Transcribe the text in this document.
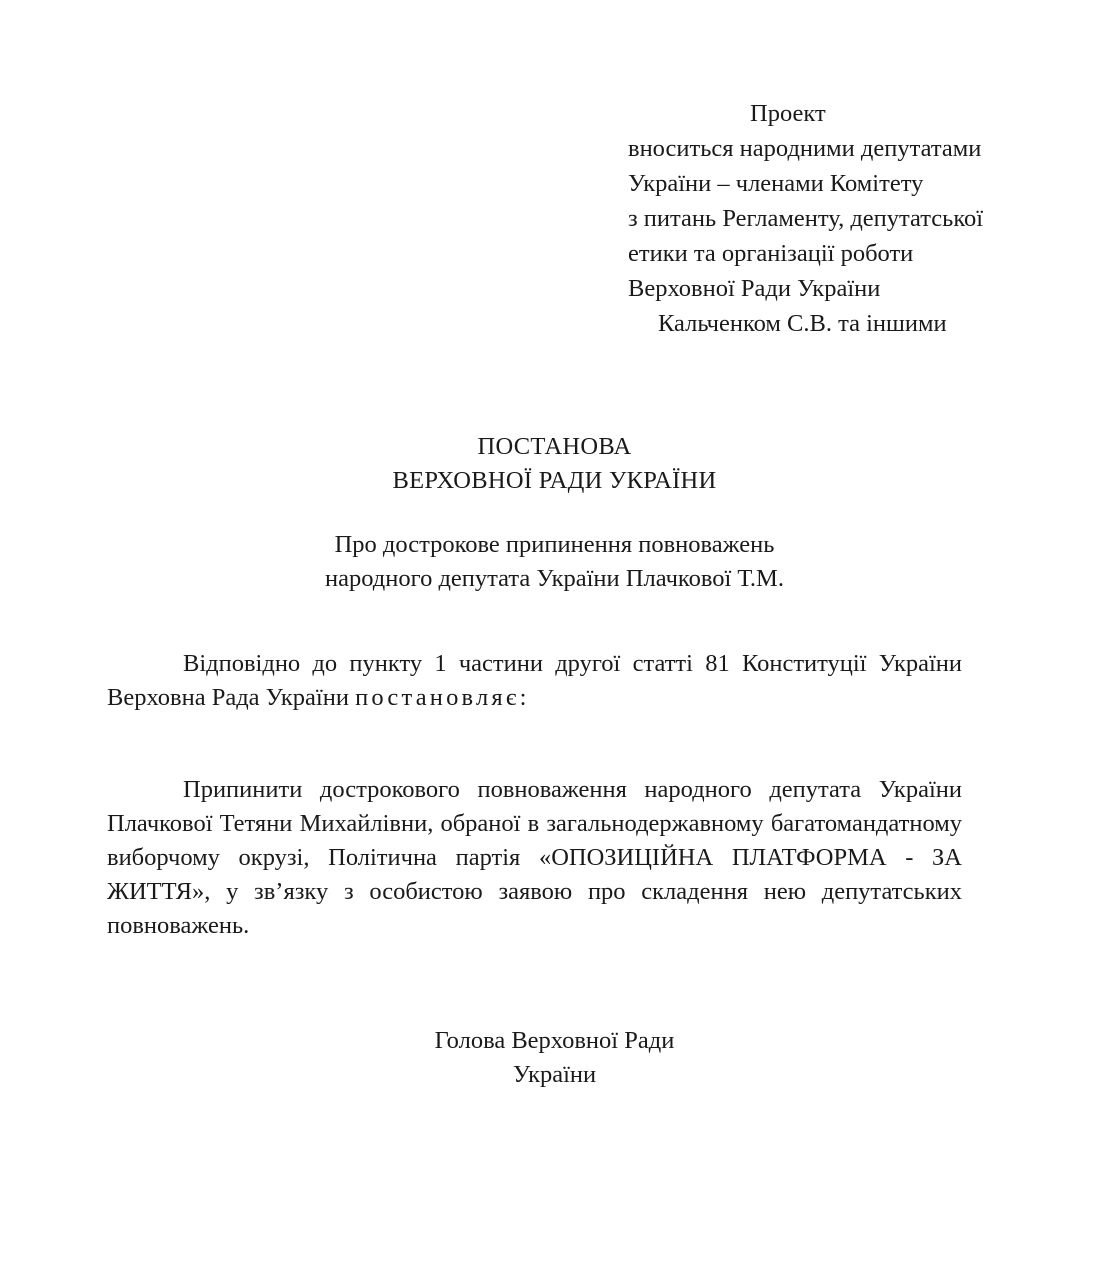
Проект
вноситься народними депутатами
України – членами Комітету
з питань Регламенту, депутатської
етики та організації роботи
Верховної Ради України
Кальченком С.В. та іншими
ПОСТАНОВА
ВЕРХОВНОЇ РАДИ УКРАЇНИ
Про дострокове припинення повноважень
народного депутата України Плачкової Т.М.

Відповідно до пункту 1 частини другої статті 81 Конституції України Верховна Рада України постановляє:

Припинити дострокового повноваження народного депутата України Плачкової Тетяни Михайлівни, обраної в загальнодержавному багатомандатному виборчому окрузі, Політична партія «ОПОЗИЦІЙНА ПЛАТФОРМА - ЗА ЖИТТЯ», у зв’язку з особистою заявою про складення нею депутатських повноважень.

Голова Верховної Ради
України
